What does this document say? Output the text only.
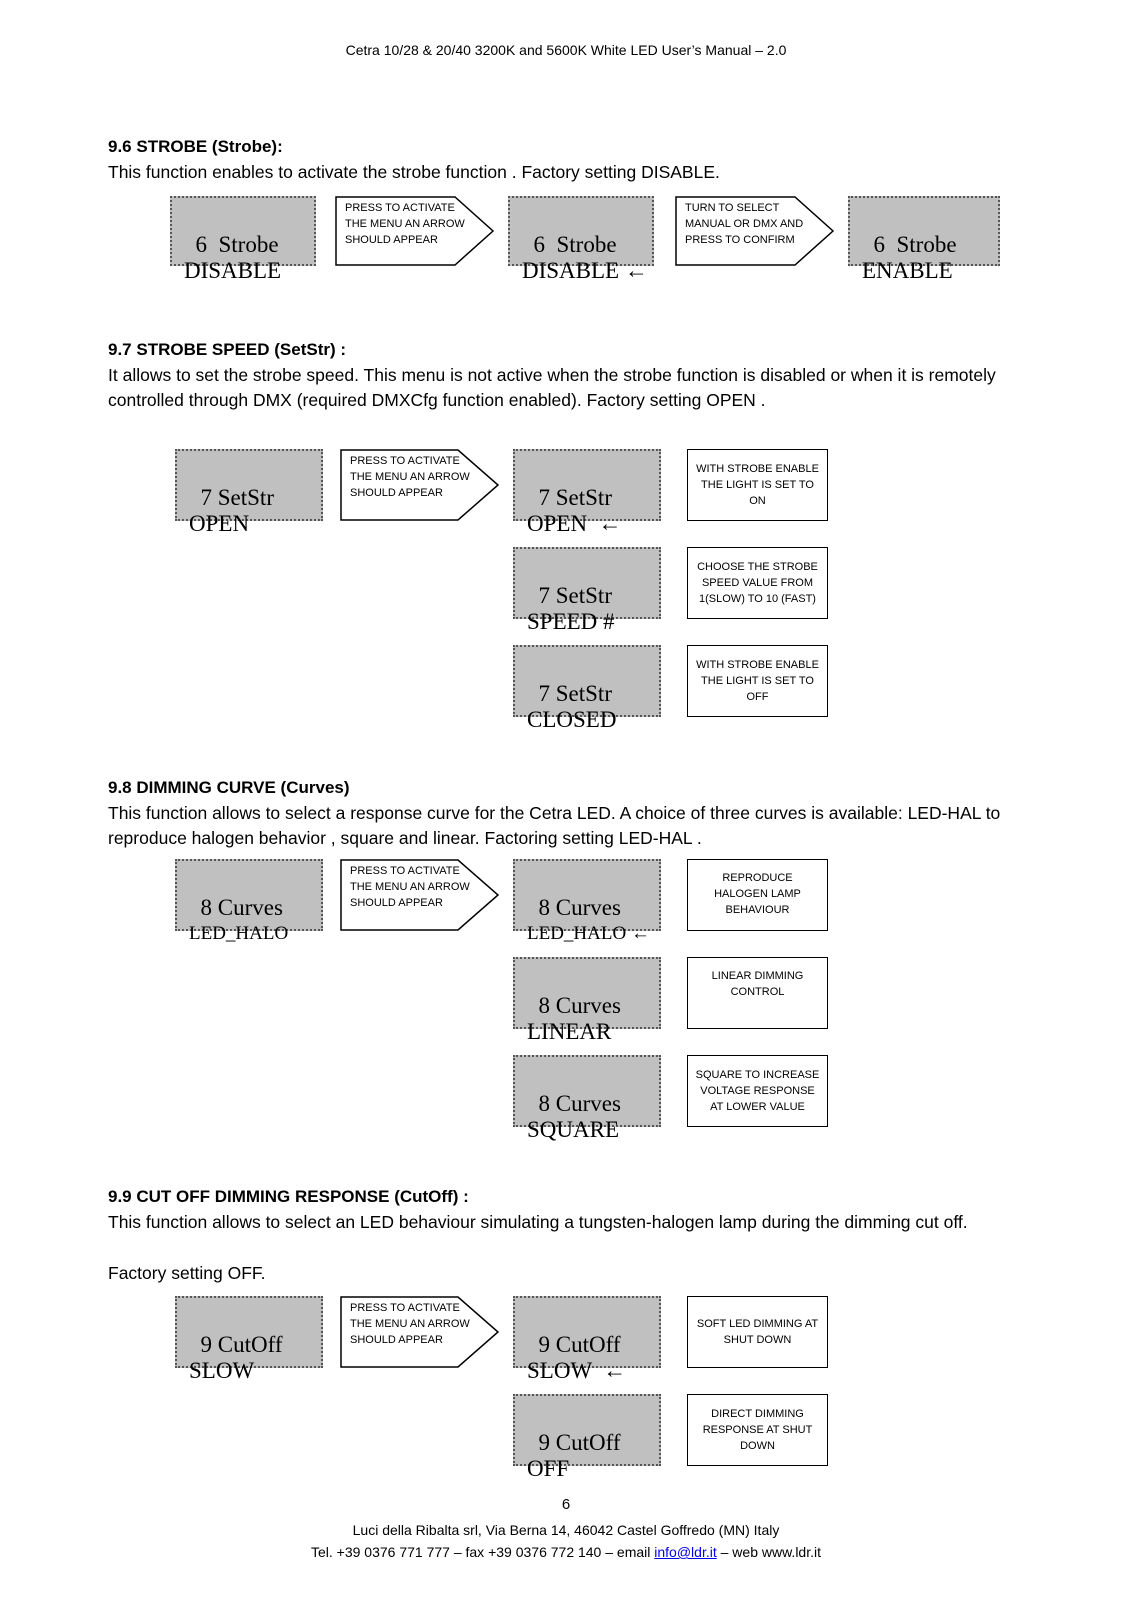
Cetra 10/28 & 20/40 3200K and 5600K White LED User’s Manual – 2.0
9.6 STROBE (Strobe):
This function enables to activate the strobe function . Factory setting DISABLE.

6  Strobe
DISABLE

PRESS TO ACTIVATE THE MENU AN ARROW SHOULD APPEAR	6  Strobe
DISABLE ←

TURN TO SELECT MANUAL OR DMX AND PRESS TO CONFIRM	6  Strobe
ENABLE

9.7 STROBE SPEED (SetStr) :
It allows to set the strobe speed. This menu is not active when the strobe function is disabled or when it is remotely controlled through DMX (required DMXCfg function enabled). Factory setting OPEN .

7 SetStr
OPEN

PRESS TO ACTIVATE THE MENU AN ARROW SHOULD APPEAR	7 SetStr
OPEN  ←

WITH STROBE ENABLE THE LIGHT IS SET TO ON

7 SetStr
SPEED #

CHOOSE THE STROBE SPEED VALUE FROM 1(SLOW) TO 10 (FAST)

7 SetStr
CLOSED

WITH STROBE ENABLE THE LIGHT IS SET TO OFF
9.8 DIMMING CURVE (Curves)
This function allows to select a response curve for the Cetra LED. A choice of three curves is available: LED-HAL to reproduce halogen behavior , square and linear. Factoring setting LED-HAL .

8 Curves
LED_HALO

PRESS TO ACTIVATE THE MENU AN ARROW SHOULD APPEAR	8 Curves
LED_HALO ←

REPRODUCE HALOGEN LAMP BEHAVIOUR

8 Curves
LINEAR

LINEAR DIMMING CONTROL

8 Curves
SQUARE

SQUARE TO INCREASE VOLTAGE RESPONSE AT LOWER VALUE
9.9 CUT OFF DIMMING RESPONSE (CutOff) :
This function allows to select an LED behaviour simulating a tungsten-halogen lamp during the dimming cut off.
Factory setting OFF.

9 CutOff
SLOW

PRESS TO ACTIVATE THE MENU AN ARROW SHOULD APPEAR	9 CutOff
SLOW  ←

SOFT LED DIMMING AT SHUT DOWN

9 CutOff
OFF

DIRECT DIMMING RESPONSE AT SHUT DOWN
6
Luci della Ribalta srl, Via Berna 14, 46042 Castel Goffredo (MN) Italy
Tel. +39 0376 771 777 – fax +39 0376 772 140 – email info@ldr.it – web www.ldr.it
